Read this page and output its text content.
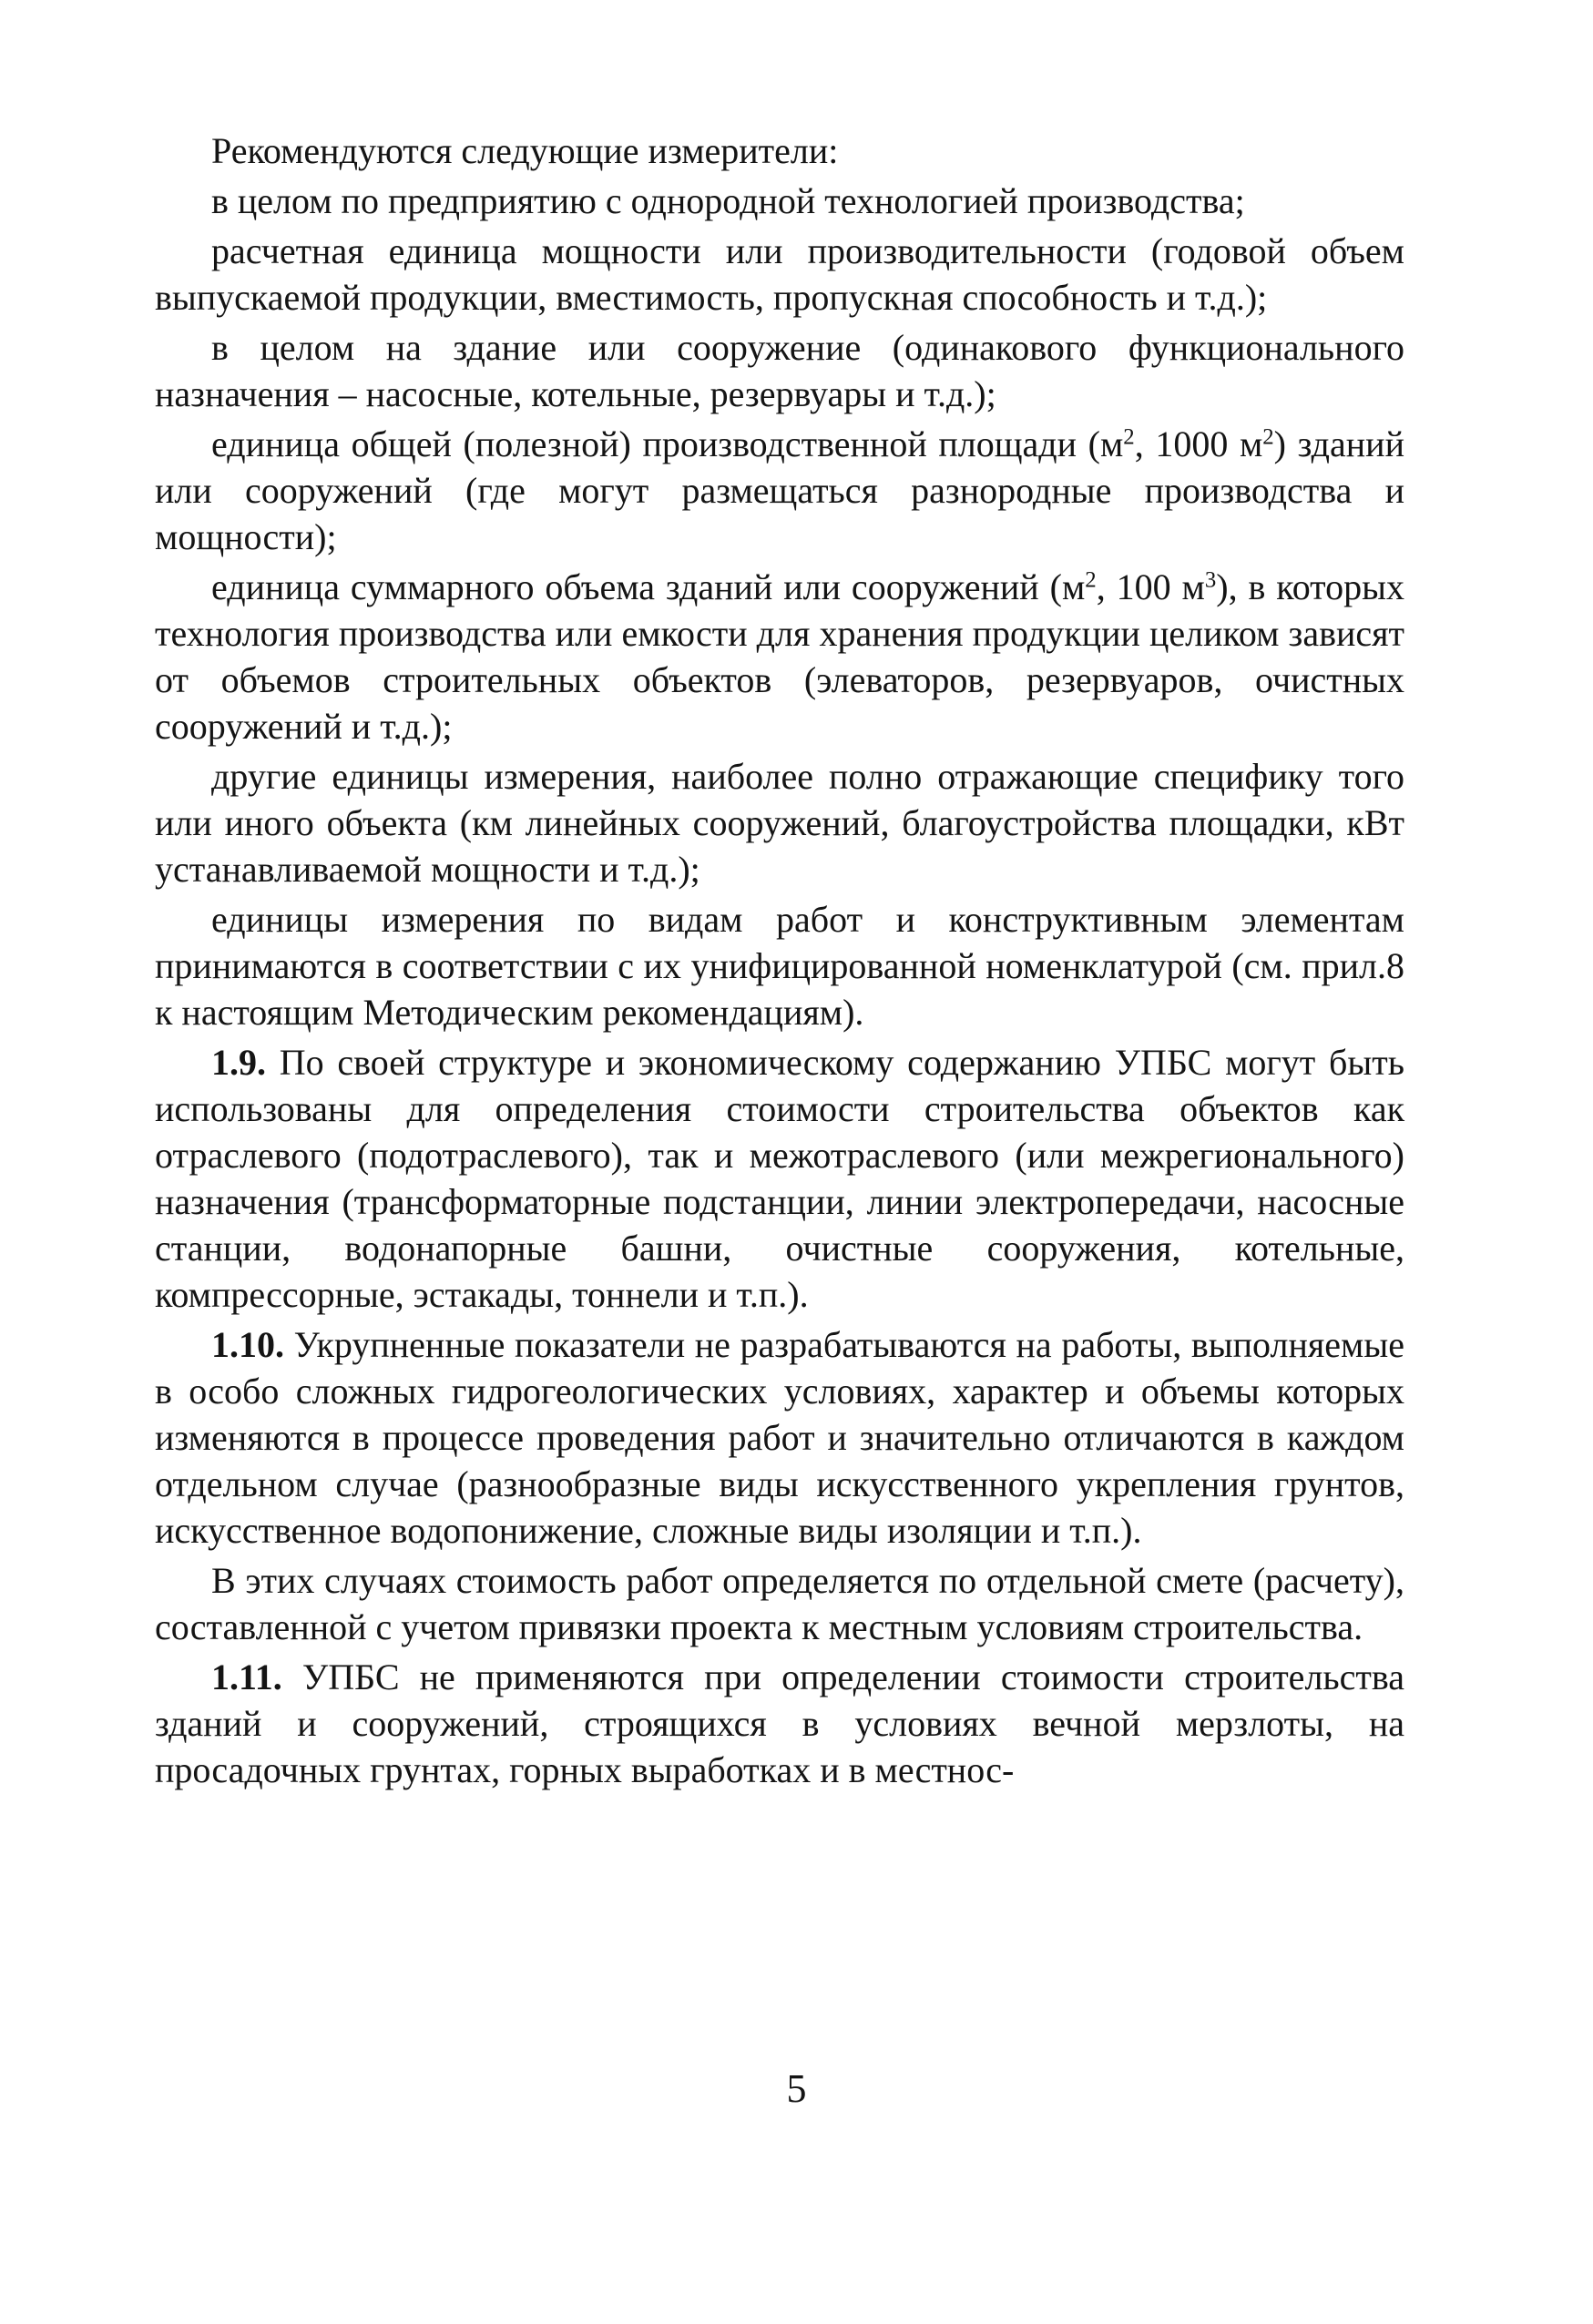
Рекомендуются следующие измерители:

в целом по предприятию с однородной технологией производства;

расчетная единица мощности или производительности (годовой объем выпускаемой продукции, вместимость, пропускная способность и т.д.);

в целом на здание или сооружение (одинакового функционального назначения – насосные, котельные, резервуары и т.д.);

единица общей (полезной) производственной площади ($м^2$, 1000 $м^2$) зданий или сооружений (где могут размещаться разнородные производства и мощности);

единица суммарного объема зданий или сооружений ($м^2$, 100 $м^3$), в которых технология производства или емкости для хранения продукции целиком зависят от объемов строительных объектов (элеваторов, резервуаров, очистных сооружений и т.д.);

другие единицы измерения, наиболее полно отражающие специфику того или иного объекта (км линейных сооружений, благоустройства площадки, кВт устанавливаемой мощности и т.д.);

единицы измерения по видам работ и конструктивным элементам принимаются в соответствии с их унифицированной номенклатурой (см. прил.8 к настоящим Методическим рекомендациям).

1.9. По своей структуре и экономическому содержанию УПБС могут быть использованы для определения стоимости строительства объектов как отраслевого (подотраслевого), так и межотраслевого (или межрегионального) назначения (трансформаторные подстанции, линии электропередачи, насосные станции, водонапорные башни, очистные сооружения, котельные, компрессорные, эстакады, тоннели и т.п.).

1.10. Укрупненные показатели не разрабатываются на работы, выполняемые в особо сложных гидрогеологических условиях, характер и объемы которых изменяются в процессе проведения работ и значительно отличаются в каждом отдельном случае (разнообразные виды искусственного укрепления грунтов, искусственное водопонижение, сложные виды изоляции и т.п.).

В этих случаях стоимость работ определяется по отдельной смете (расчету), составленной с учетом привязки проекта к местным условиям строительства.

1.11. УПБС не применяются при определении стоимости строительства зданий и сооружений, строящихся в условиях вечной мерзлоты, на просадочных грунтах, горных выработках и в местнос-

5
